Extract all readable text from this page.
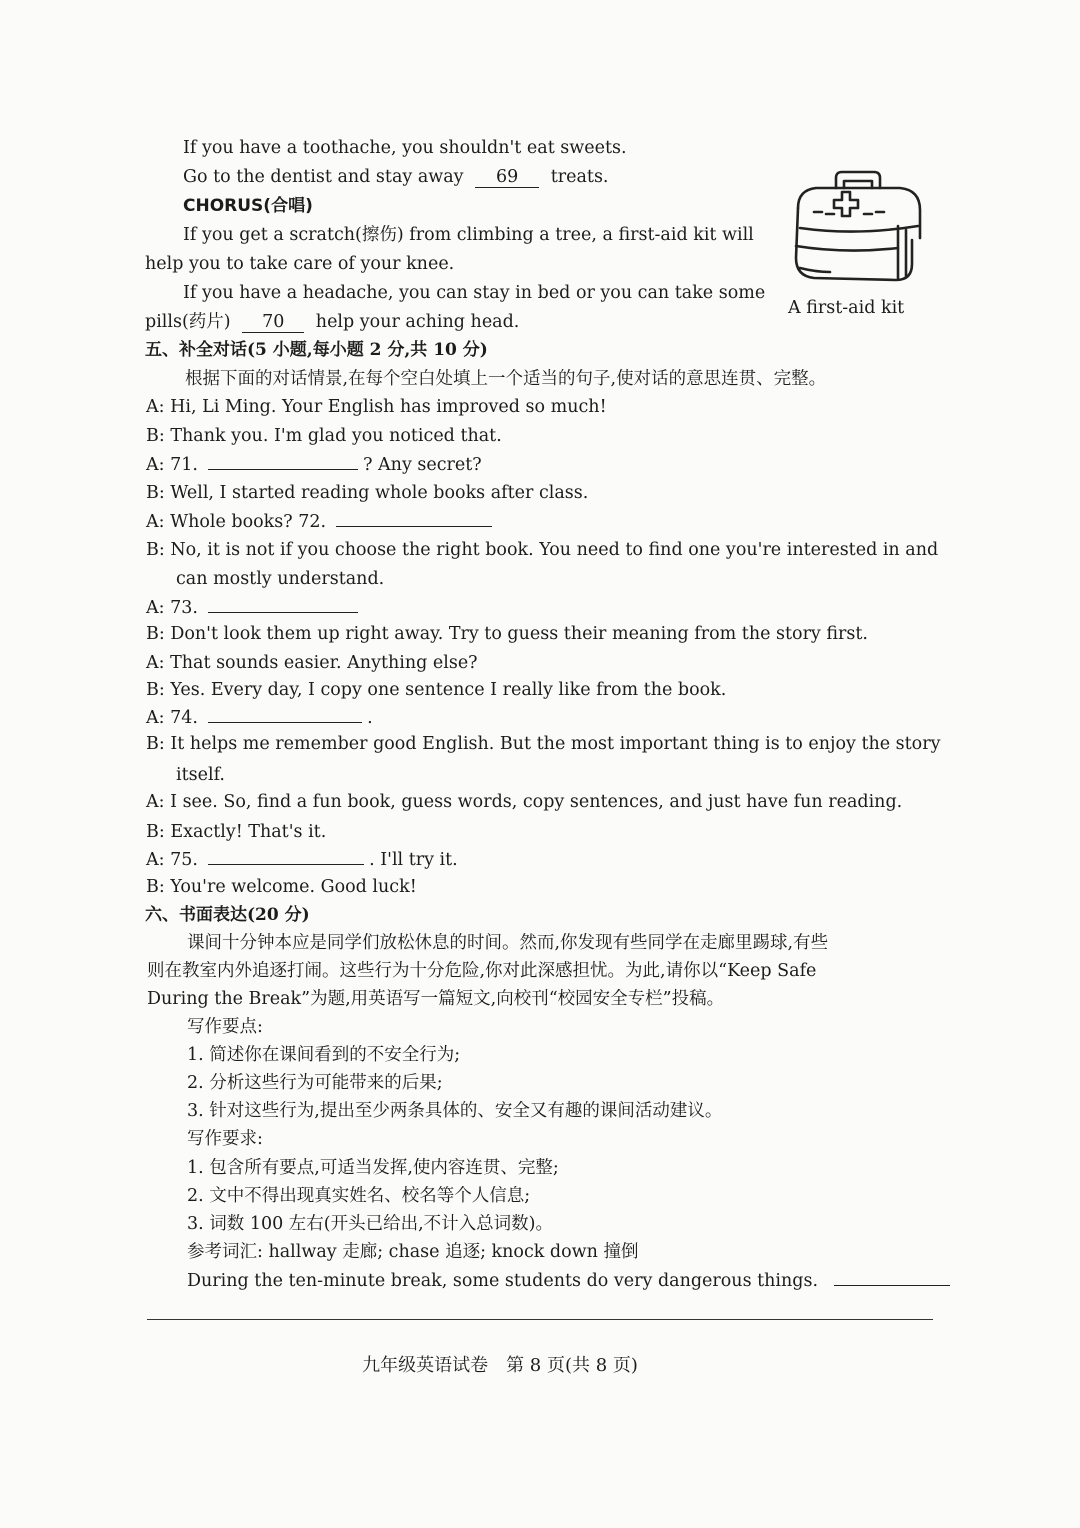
If you have a toothache, you shouldn't eat sweets.
Go to the dentist and stay away 69 treats.
CHORUS(合唱)
If you get a scratch(擦伤) from climbing a tree, a first-aid kit will
help you to take care of your knee.
If you have a headache, you can stay in bed or you can take some
pills(药片) 70 help your aching head.
A first-aid kit
五、补全对话(5 小题,每小题 2 分,共 10 分)
根据下面的对话情景,在每个空白处填上一个适当的句子,使对话的意思连贯、完整。
A: Hi, Li Ming. Your English has improved so much!
B: Thank you. I'm glad you noticed that.
A: 71.	? Any secret?
B: Well, I started reading whole books after class.
A: Whole books? 72.
B: No, it is not if you choose the right book. You need to find one you're interested in and
can mostly understand.
A: 73.
B: Don't look them up right away. Try to guess their meaning from the story first.
A: That sounds easier. Anything else?
B: Yes. Every day, I copy one sentence I really like from the book.
A: 74.	.
B: It helps me remember good English. But the most important thing is to enjoy the story
itself.
A: I see. So, find a fun book, guess words, copy sentences, and just have fun reading.
B: Exactly! That's it.
A: 75.	. I'll try it.
B: You're welcome. Good luck!
六、书面表达(20 分)
课间十分钟本应是同学们放松休息的时间。然而,你发现有些同学在走廊里踢球,有些
则在教室内外追逐打闹。这些行为十分危险,你对此深感担忧。为此,请你以“Keep Safe
During the Break”为题,用英语写一篇短文,向校刊“校园安全专栏”投稿。
写作要点:
1. 简述你在课间看到的不安全行为;
2. 分析这些行为可能带来的后果;
3. 针对这些行为,提出至少两条具体的、安全又有趣的课间活动建议。
写作要求:
1. 包含所有要点,可适当发挥,使内容连贯、完整;
2. 文中不得出现真实姓名、校名等个人信息;
3. 词数 100 左右(开头已给出,不计入总词数)。
参考词汇: hallway 走廊; chase 追逐; knock down 撞倒
During the ten-minute break, some students do very dangerous things.
九年级英语试卷　第 8 页(共 8 页)
